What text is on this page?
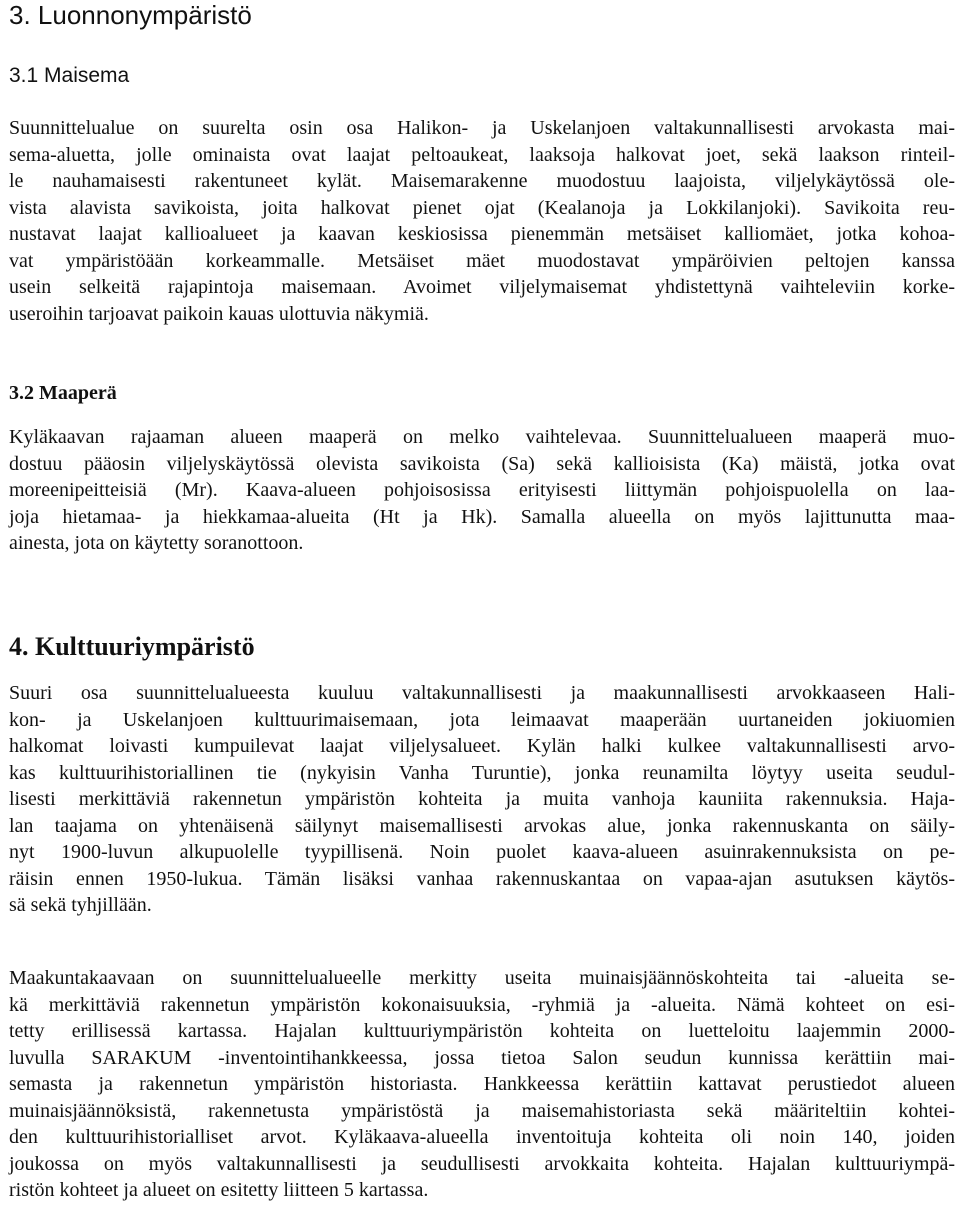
3. Luonnonympäristö
3.1 Maisema
Suunnittelualue on suurelta osin osa Halikon- ja Uskelanjoen valtakunnallisesti arvokasta mai-
sema-aluetta, jolle ominaista ovat laajat peltoaukeat, laaksoja halkovat joet, sekä laakson rinteil-
le nauhamaisesti rakentuneet kylät. Maisemarakenne muodostuu laajoista, viljelykäytössä ole-
vista alavista savikoista, joita halkovat pienet ojat (Kealanoja ja Lokkilanjoki). Savikoita reu-
nustavat laajat kallioalueet ja kaavan keskiosissa pienemmän metsäiset kalliomäet, jotka kohoa-
vat ympäristöään korkeammalle. Metsäiset mäet muodostavat ympäröivien peltojen kanssa
usein selkeitä rajapintoja maisemaan. Avoimet viljelymaisemat yhdistettynä vaihteleviin korke-
useroihin tarjoavat paikoin kauas ulottuvia näkymiä.
3.2 Maaperä
Kyläkaavan rajaaman alueen maaperä on melko vaihtelevaa. Suunnittelualueen maaperä muo-
dostuu pääosin viljelyskäytössä olevista savikoista (Sa) sekä kallioisista (Ka) mäistä, jotka ovat
moreenipeitteisiä (Mr). Kaava-alueen pohjoisosissa erityisesti liittymän pohjoispuolella on laa-
joja hietamaa- ja hiekkamaa-alueita (Ht ja Hk). Samalla alueella on myös lajittunutta maa-
ainesta, jota on käytetty soranottoon.
4. Kulttuuriympäristö
Suuri osa suunnittelualueesta kuuluu valtakunnallisesti ja maakunnallisesti arvokkaaseen Hali-
kon- ja Uskelanjoen kulttuurimaisemaan, jota leimaavat maaperään uurtaneiden jokiuomien
halkomat loivasti kumpuilevat laajat viljelysalueet. Kylän halki kulkee valtakunnallisesti arvo-
kas kulttuurihistoriallinen tie (nykyisin Vanha Turuntie), jonka reunamilta löytyy useita seudul-
lisesti merkittäviä rakennetun ympäristön kohteita ja muita vanhoja kauniita rakennuksia. Haja-
lan taajama on yhtenäisenä säilynyt maisemallisesti arvokas alue, jonka rakennuskanta on säily-
nyt 1900-luvun alkupuolelle tyypillisenä. Noin puolet kaava-alueen asuinrakennuksista on pe-
räisin ennen 1950-lukua. Tämän lisäksi vanhaa rakennuskantaa on vapaa-ajan asutuksen käytös-
sä sekä tyhjillään.
Maakuntakaavaan on suunnittelualueelle merkitty useita muinaisjäännöskohteita tai -alueita se-
kä merkittäviä rakennetun ympäristön kokonaisuuksia, -ryhmiä ja -alueita. Nämä kohteet on esi-
tetty erillisessä kartassa. Hajalan kulttuuriympäristön kohteita on luetteloitu laajemmin 2000-
luvulla SARAKUM -inventointihankkeessa, jossa tietoa Salon seudun kunnissa kerättiin mai-
semasta ja rakennetun ympäristön historiasta. Hankkeessa kerättiin kattavat perustiedot alueen
muinaisjäännöksistä, rakennetusta ympäristöstä ja maisemahistoriasta sekä määriteltiin kohtei-
den kulttuurihistorialliset arvot. Kyläkaava-alueella inventoituja kohteita oli noin 140, joiden
joukossa on myös valtakunnallisesti ja seudullisesti arvokkaita kohteita. Hajalan kulttuuriympä-
ristön kohteet ja alueet on esitetty liitteen 5 kartassa.
